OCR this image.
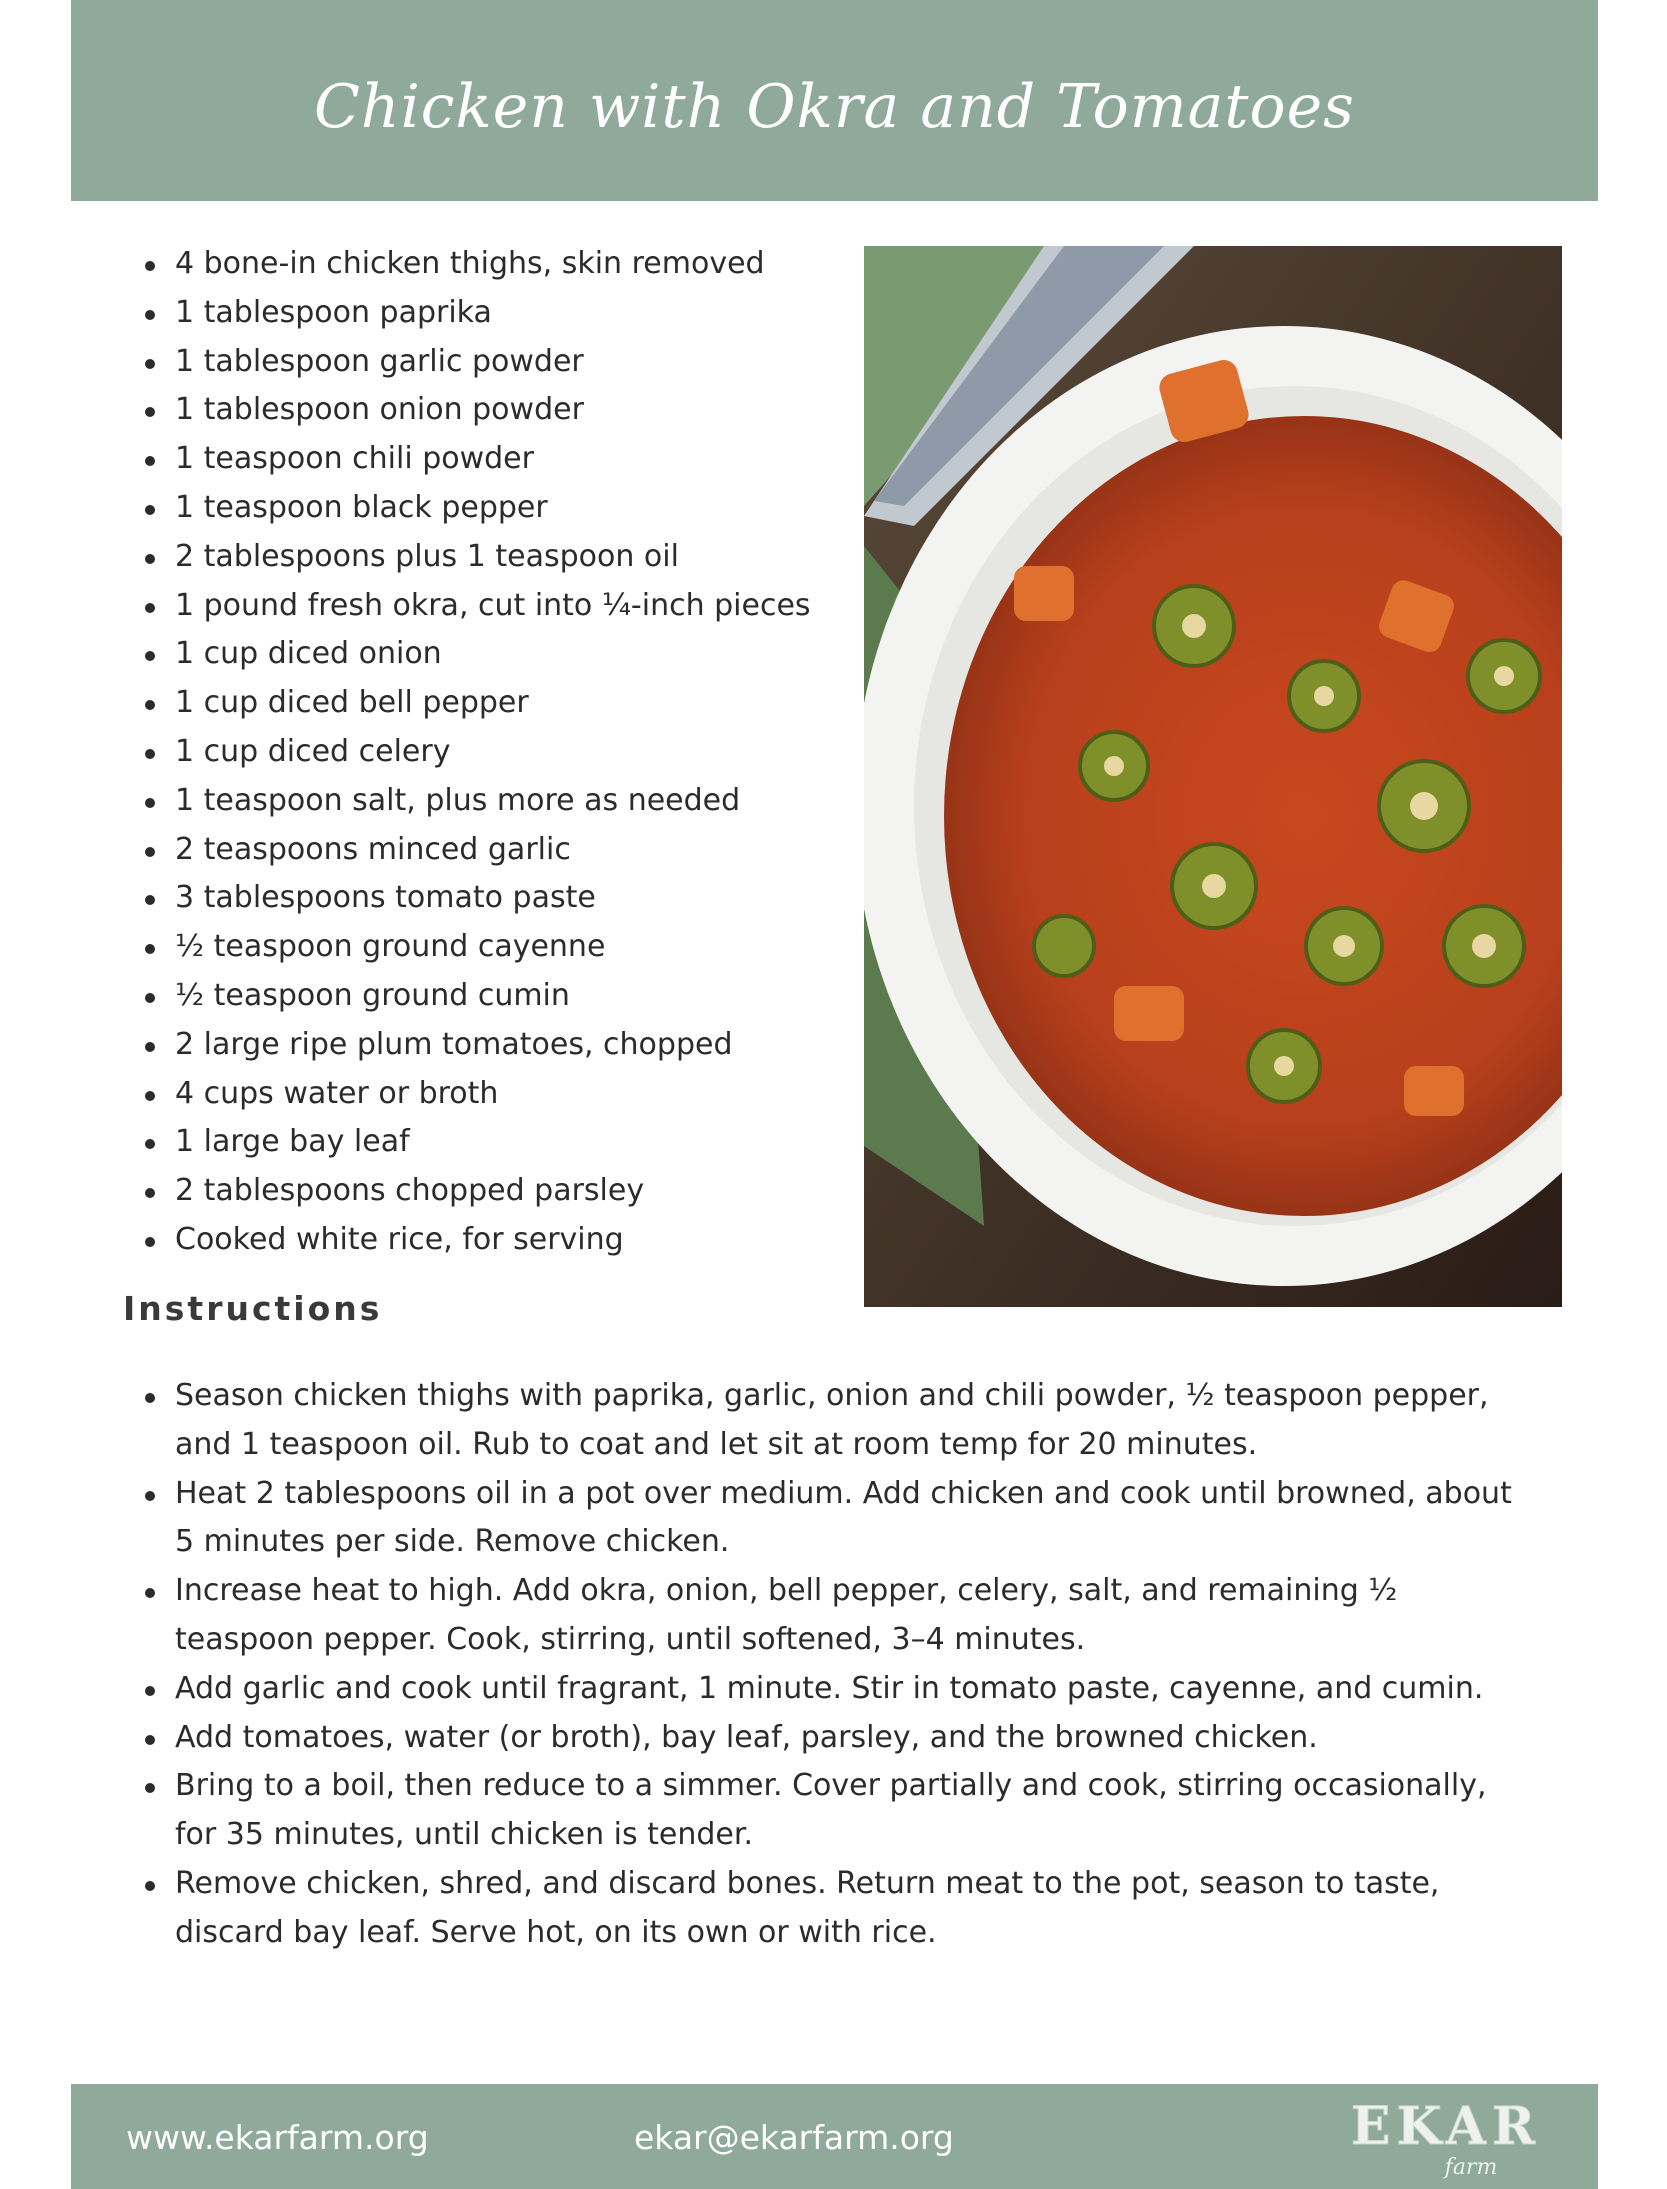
Chicken with Okra and Tomatoes
4 bone-in chicken thighs, skin removed
1 tablespoon paprika
1 tablespoon garlic powder
1 tablespoon onion powder
1 teaspoon chili powder
1 teaspoon black pepper
2 tablespoons plus 1 teaspoon oil
1 pound fresh okra, cut into ¼-inch pieces
1 cup diced onion
1 cup diced bell pepper
1 cup diced celery
1 teaspoon salt, plus more as needed
2 teaspoons minced garlic
3 tablespoons tomato paste
½ teaspoon ground cayenne
½ teaspoon ground cumin
2 large ripe plum tomatoes, chopped
4 cups water or broth
1 large bay leaf
2 tablespoons chopped parsley
Cooked white rice, for serving
Instructions
Season chicken thighs with paprika, garlic, onion and chili powder, ½ teaspoon pepper, and 1 teaspoon oil. Rub to coat and let sit at room temp for 20 minutes.
Heat 2 tablespoons oil in a pot over medium. Add chicken and cook until browned, about 5 minutes per side. Remove chicken.
Increase heat to high. Add okra, onion, bell pepper, celery, salt, and remaining ½ teaspoon pepper. Cook, stirring, until softened, 3–4 minutes.
Add garlic and cook until fragrant, 1 minute. Stir in tomato paste, cayenne, and cumin.
Add tomatoes, water (or broth), bay leaf, parsley, and the browned chicken.
Bring to a boil, then reduce to a simmer. Cover partially and cook, stirring occasionally, for 35 minutes, until chicken is tender.
Remove chicken, shred, and discard bones. Return meat to the pot, season to taste, discard bay leaf. Serve hot, on its own or with rice.
www.ekarfarm.org	ekar@ekarfarm.org	EKAR
farm
